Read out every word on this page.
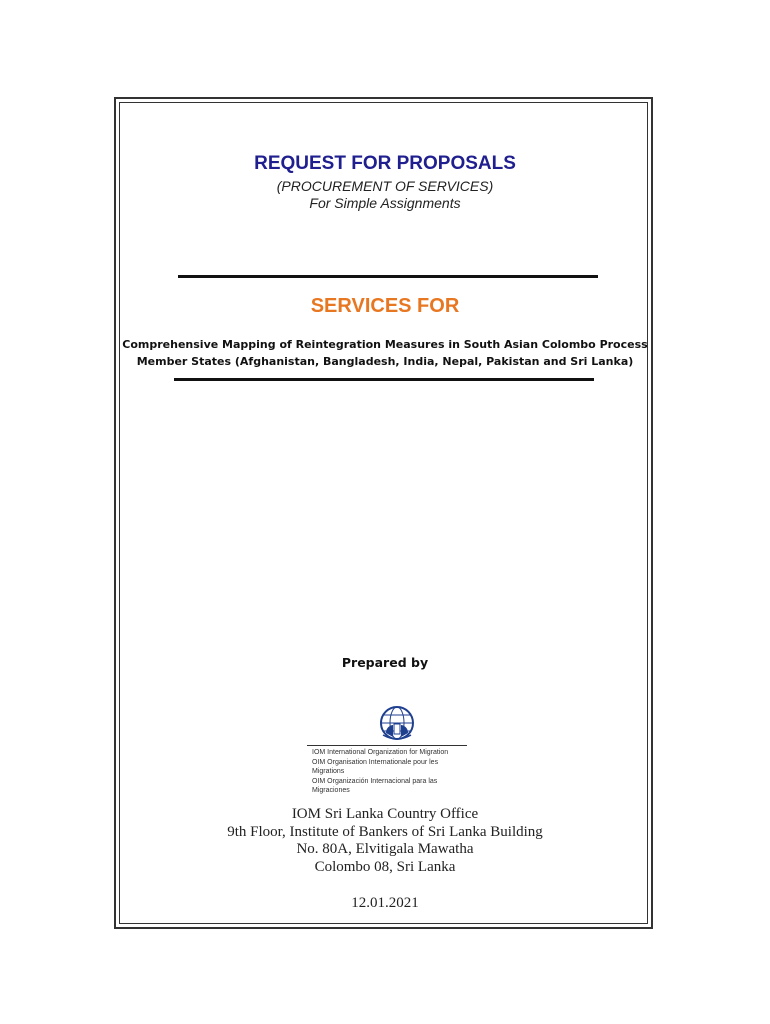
REQUEST FOR PROPOSALS
(PROCUREMENT OF SERVICES)
For Simple Assignments
SERVICES FOR
Comprehensive Mapping of Reintegration Measures in South Asian Colombo Process
Member States (Afghanistan, Bangladesh, India, Nepal, Pakistan and Sri Lanka)
Prepared by
IOM International Organization for Migration
OIM Organisation Internationale pour les Migrations
OIM Organización Internacional para las Migraciones
IOM Sri Lanka Country Office
9th Floor, Institute of Bankers of Sri Lanka Building
No. 80A, Elvitigala Mawatha
Colombo 08, Sri Lanka
12.01.2021
